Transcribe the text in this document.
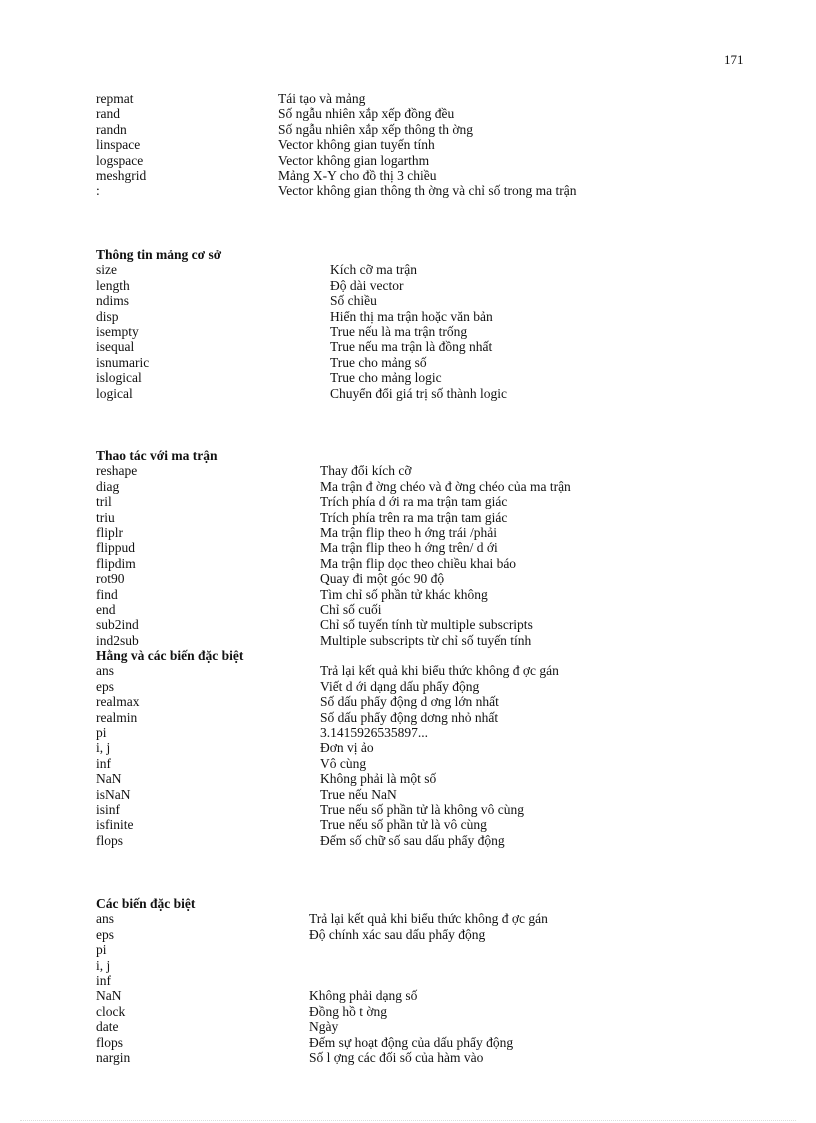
171
repmat	Tái tạo và mảng
rand	Số ngẫu nhiên xắp xếp đồng đều
randn	Số ngẫu nhiên xắp xếp thông th ờng
linspace	Vector không gian tuyến tính
logspace	Vector không gian logarthm
meshgrid	Mảng X-Y cho đồ thị 3 chiều
:	Vector không gian thông th ờng và chỉ số trong ma trận
Thông tin mảng cơ sở
size	Kích cỡ ma trận
length	Độ dài vector
ndims	Số chiều
disp	Hiển thị ma trận hoặc văn bản
isempty	True nếu là ma trận trống
isequal	True nếu ma trận là đồng nhất
isnumaric	True cho mảng số
islogical	True cho mảng logic
logical	Chuyển đổi giá trị số thành logic
Thao tác với ma trận
reshape	Thay đổi kích cỡ
diag	Ma trận đ ờng chéo và đ ờng chéo của ma trận
tril	Trích phía d ới ra ma trận tam giác
triu	Trích phía trên ra ma trận tam giác
fliplr	Ma trận flip theo h ớng trái /phải
flippud	Ma trận flip theo h ớng trên/ d ới
flipdim	Ma trận flip dọc theo chiều khai báo
rot90	Quay đi một góc 90 độ
find	Tìm chỉ số phần tử khác không
end	Chỉ số cuối
sub2ind	Chỉ số tuyến tính từ multiple subscripts
ind2sub	Multiple subscripts từ chỉ số tuyến tính
Hằng và các biến đặc biệt
ans	Trả lại kết quả khi biểu thức không đ ợc gán
eps	Viết d ới dạng dấu phẩy động
realmax	Số dấu phẩy động d ơng lớn nhất
realmin	Số dấu phẩy động dơng nhỏ nhất
pi	3.1415926535897...
i, j	Đơn vị ảo
inf	Vô cùng
NaN	Không phải là một số
isNaN	True nếu NaN
isinf	True nếu số phần tử là không vô cùng
isfinite	True nếu số phần tử là vô cùng
flops	Đếm số chữ số sau dấu phẩy động
Các biến đặc biệt
ans	Trả lại kết quả khi biểu thức không đ ợc gán
eps	Độ chính xác sau dấu phẩy động
pi
i, j
inf
NaN	Không phải dạng số
clock	Đồng hồ t ờng
date	Ngày
flops	Đếm sự hoạt động của dấu phẩy động
nargin	Số l ợng các đối số của hàm vào
